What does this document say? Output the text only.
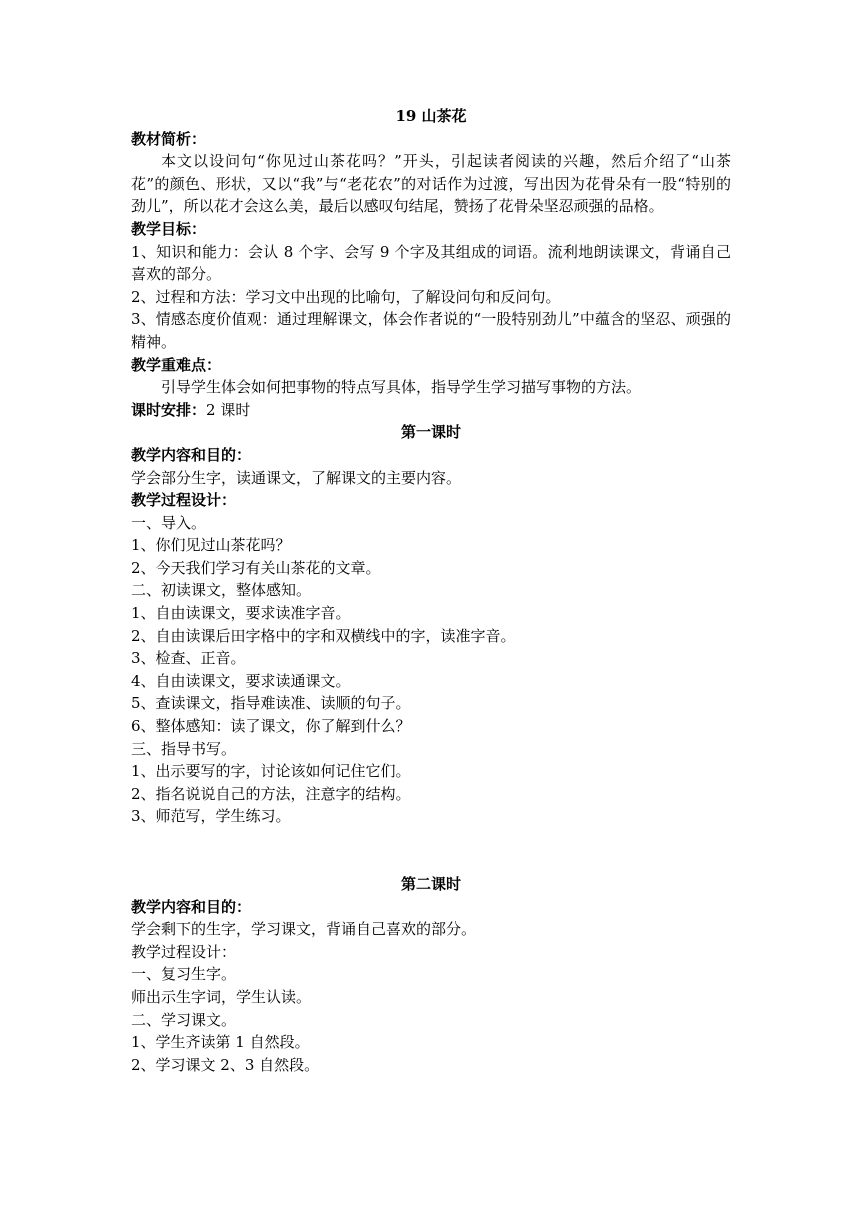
19 山茶花

教材简析：

本文以设问句“你见过山茶花吗？”开头，引起读者阅读的兴趣，然后介绍了“山茶花”的颜色、形状，又以“我”与“老花农”的对话作为过渡，写出因为花骨朵有一股“特别的劲儿”，所以花才会这么美，最后以感叹句结尾，赞扬了花骨朵坚忍顽强的品格。

教学目标：

1、知识和能力：会认 8 个字、会写 9 个字及其组成的词语。流利地朗读课文，背诵自己喜欢的部分。

2、过程和方法：学习文中出现的比喻句，了解设问句和反问句。

3、情感态度价值观：通过理解课文，体会作者说的“一股特别劲儿”中蕴含的坚忍、顽强的精神。

教学重难点：

引导学生体会如何把事物的特点写具体，指导学生学习描写事物的方法。

课时安排：2 课时

第一课时

教学内容和目的：

学会部分生字，读通课文，了解课文的主要内容。

教学过程设计：

一、导入。

1、你们见过山茶花吗？

2、今天我们学习有关山茶花的文章。

二、初读课文，整体感知。

1、自由读课文，要求读准字音。

2、自由读课后田字格中的字和双横线中的字，读准字音。

3、检查、正音。

4、自由读课文，要求读通课文。

5、查读课文，指导难读准、读顺的句子。

6、整体感知：读了课文，你了解到什么？

三、指导书写。

1、出示要写的字，讨论该如何记住它们。

2、指名说说自己的方法，注意字的结构。

3、师范写，学生练习。

第二课时

教学内容和目的：

学会剩下的生字，学习课文，背诵自己喜欢的部分。

教学过程设计：

一、复习生字。

师出示生字词，学生认读。

二、学习课文。

1、学生齐读第 1 自然段。

2、学习课文 2、3 自然段。
